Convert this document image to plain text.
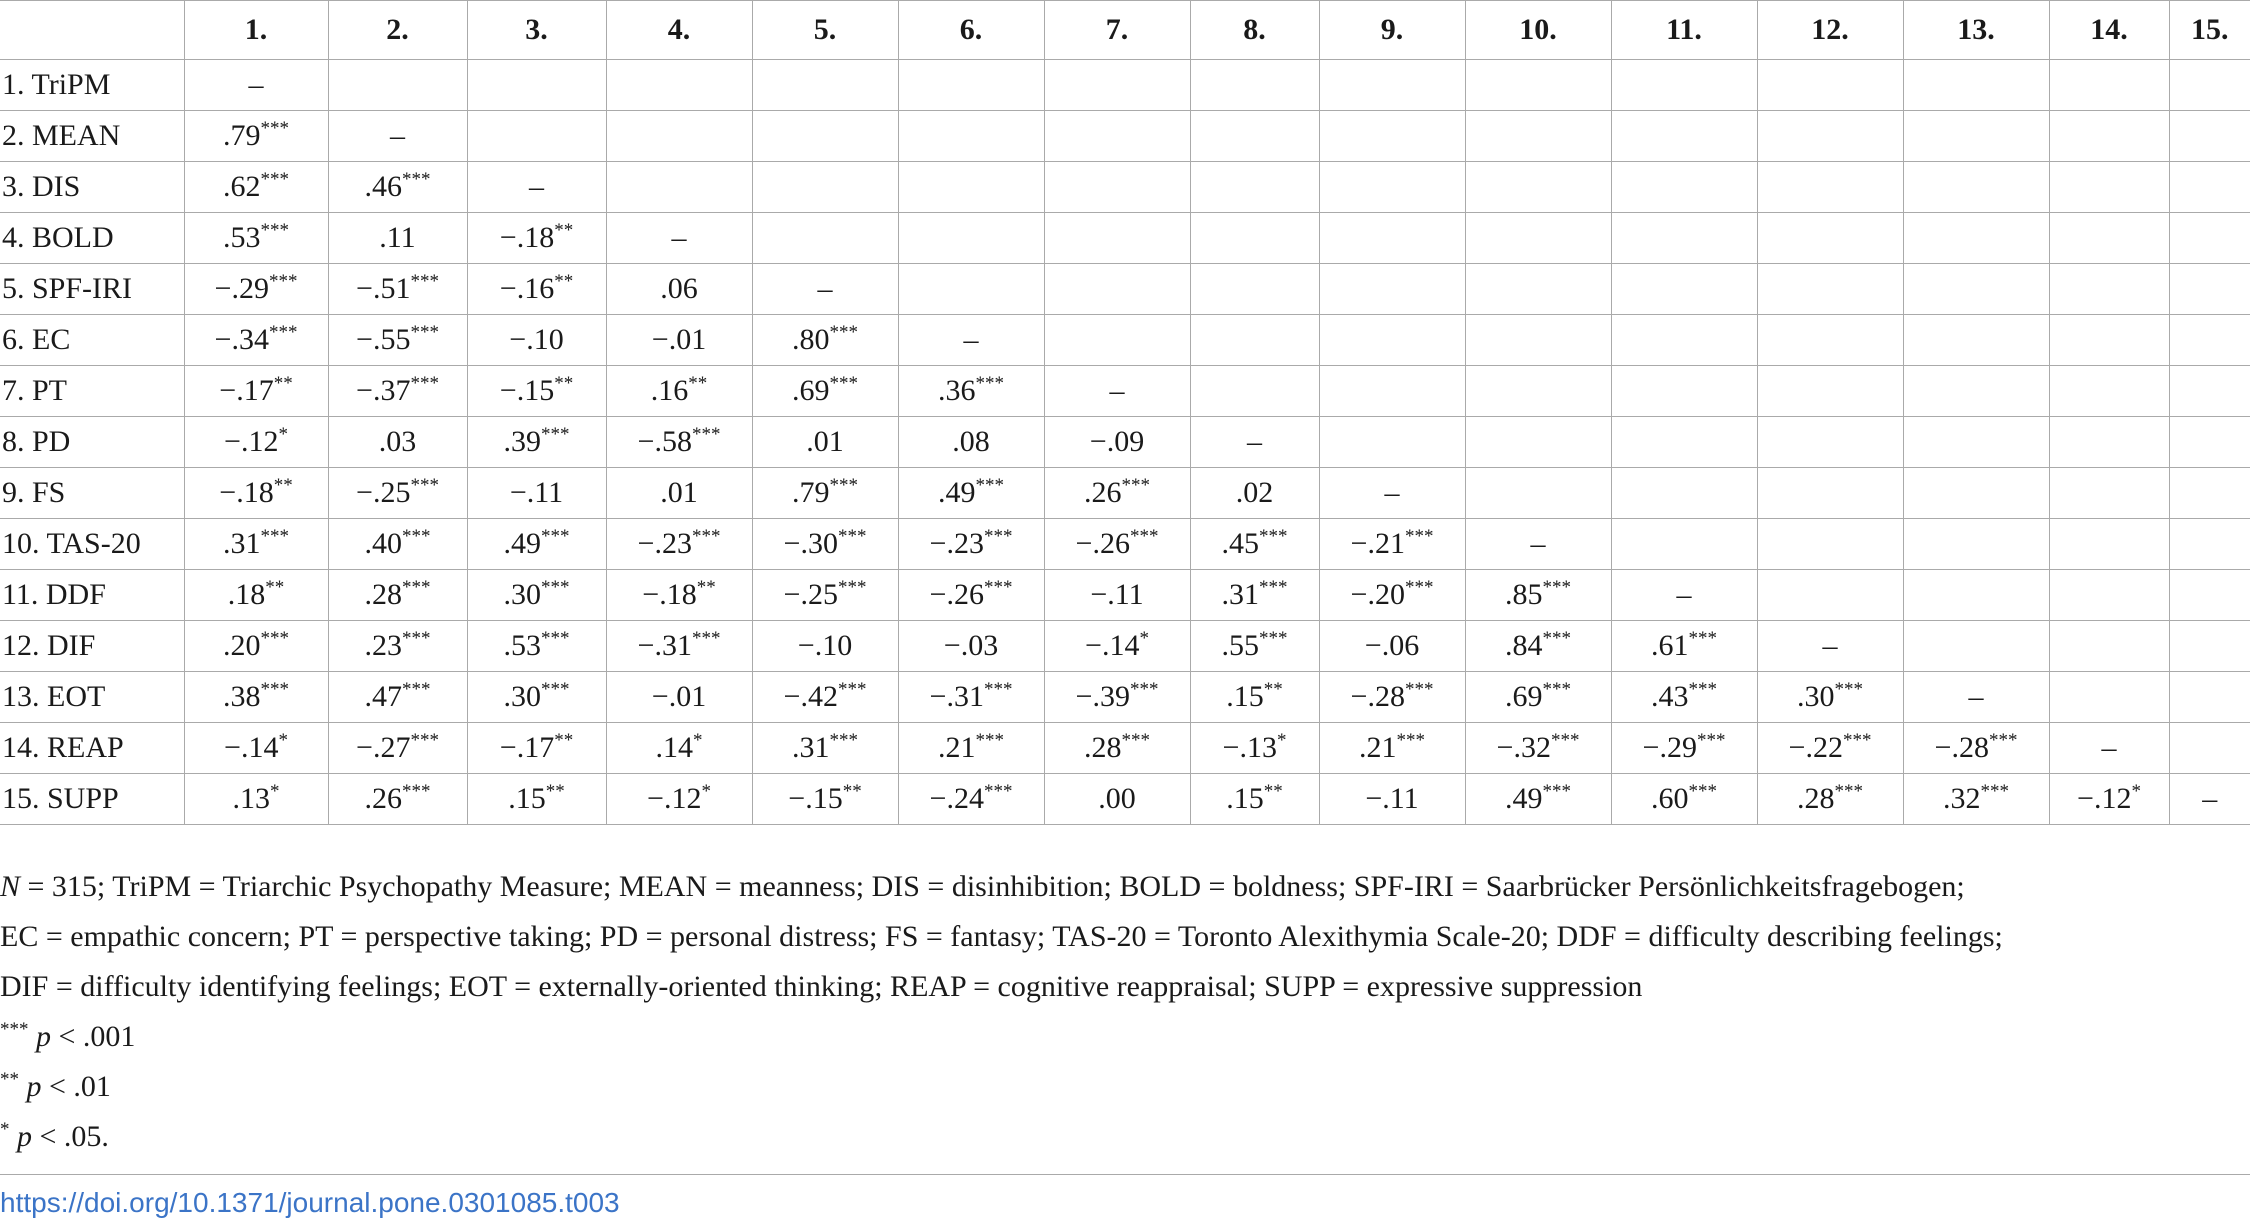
	1.	2.	3.	4.	5.	6.	7.	8.	9.	10.	11.	12.	13.	14.	15.
1. TriPM	–														
2. MEAN	.79***	–													
3. DIS	.62***	.46***	–												
4. BOLD	.53***	.11	−.18**	–											
5. SPF-IRI	−.29***	−.51***	−.16**	.06	–										
6. EC	−.34***	−.55***	−.10	−.01	.80***	–									
7. PT	−.17**	−.37***	−.15**	.16**	.69***	.36***	–								
8. PD	−.12*	.03	.39***	−.58***	.01	.08	−.09	–							
9. FS	−.18**	−.25***	−.11	.01	.79***	.49***	.26***	.02	–						
10. TAS-20	.31***	.40***	.49***	−.23***	−.30***	−.23***	−.26***	.45***	−.21***	–					
11. DDF	.18**	.28***	.30***	−.18**	−.25***	−.26***	−.11	.31***	−.20***	.85***	–				
12. DIF	.20***	.23***	.53***	−.31***	−.10	−.03	−.14*	.55***	−.06	.84***	.61***	–			
13. EOT	.38***	.47***	.30***	−.01	−.42***	−.31***	−.39***	.15**	−.28***	.69***	.43***	.30***	–		
14. REAP	−.14*	−.27***	−.17**	.14*	.31***	.21***	.28***	−.13*	.21***	−.32***	−.29***	−.22***	−.28***	–	
15. SUPP	.13*	.26***	.15**	−.12*	−.15**	−.24***	.00	.15**	−.11	.49***	.60***	.28***	.32***	−.12*	–

N = 315; TriPM = Triarchic Psychopathy Measure; MEAN = meanness; DIS = disinhibition; BOLD = boldness; SPF-IRI = Saarbrücker Persönlichkeitsfragebogen;

EC = empathic concern; PT = perspective taking; PD = personal distress; FS = fantasy; TAS-20 = Toronto Alexithymia Scale-20; DDF = difficulty describing feelings;

DIF = difficulty identifying feelings; EOT = externally-oriented thinking; REAP = cognitive reappraisal; SUPP = expressive suppression

*** p < .001

** p < .01

* p < .05.

https://doi.org/10.1371/journal.pone.0301085.t003
